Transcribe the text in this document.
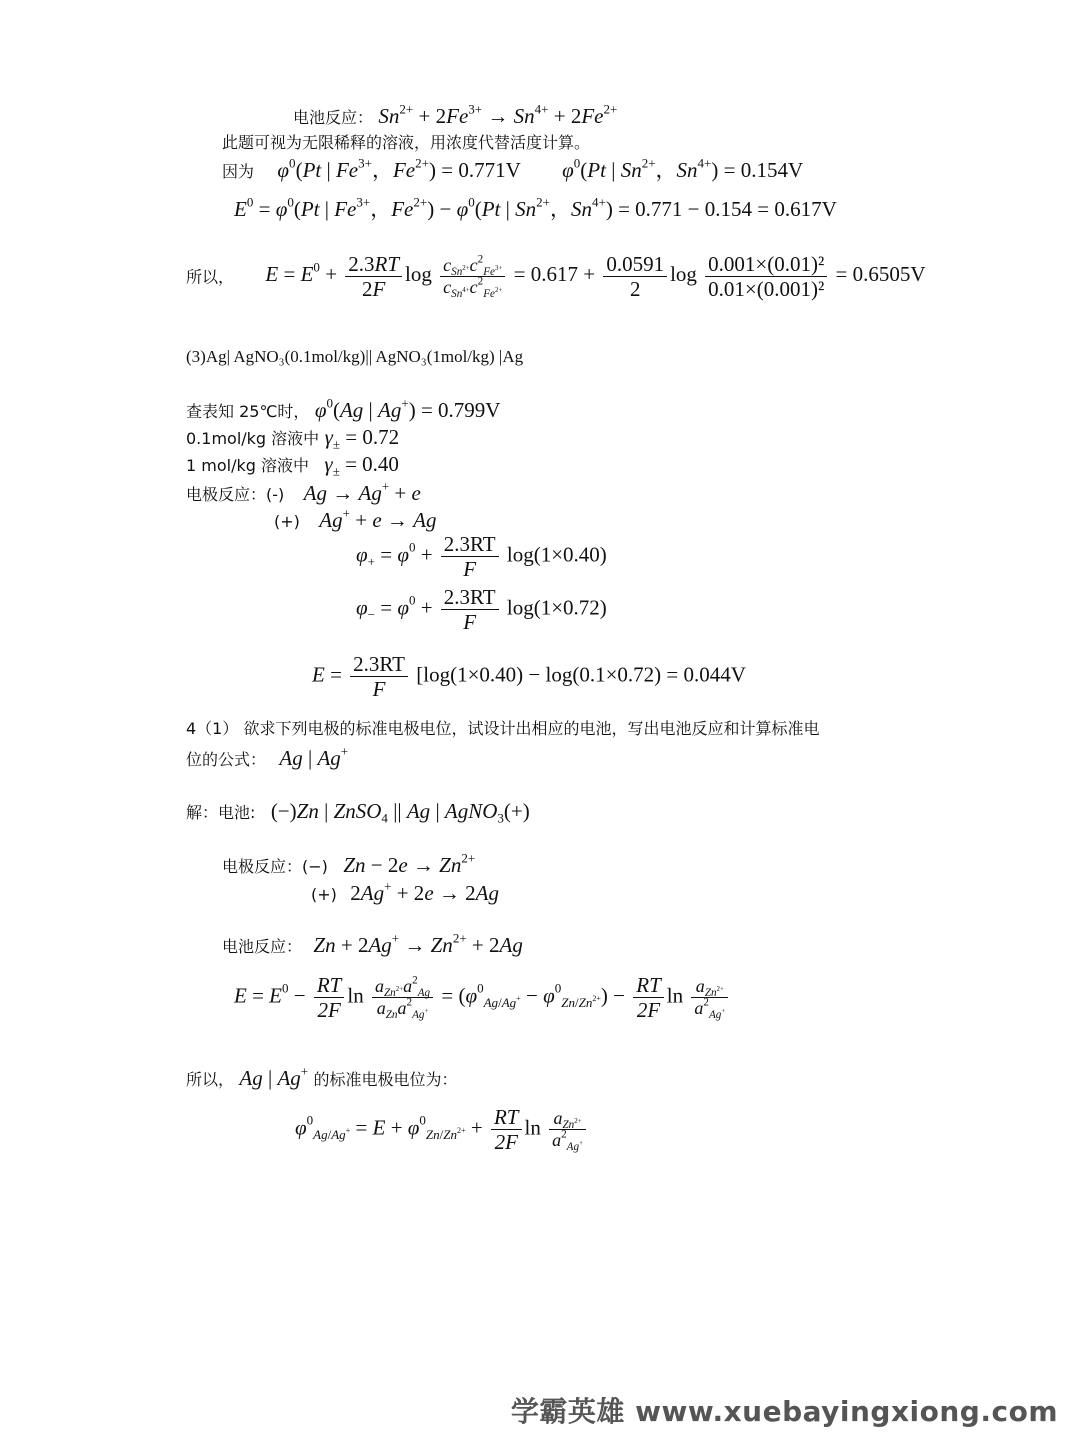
电池反应： $Sn^{2+} + 2Fe^{3+} \to Sn^{4+} + 2Fe^{2+}$
此题可视为无限稀释的溶液，用浓度代替活度计算。
因为 $\varphi^0(Pt$ | $Fe^{3+}$，$Fe^{2+}) = 0.771V$ $\varphi^0(Pt$ | $Sn^{2+}$，$Sn^{4+}) = 0.154V$
$E^0 = \varphi^0(Pt$ | $Fe^{3+}$，$Fe^{2+}) - \varphi^0(Pt$ | $Sn^{2+}$，$Sn^{4+}) = 0.771 - 0.154 = 0.617V$
所以， $E = E^0 + \frac{2.3RT}{2F}$ $\log \frac{c_{Sn^{2+}}c^2_{Fe^{3+}}}{c_{Sn^{4+}}c^2_{Fe^{2+}}} = 0.617 + \frac{0.0591}{2}$ $\log \frac{\text{0.001×(0.01)²}}{\text{0.01×(0.001)²}} = 0.6505V$
(3)Ag| AgNO₃(0.1mol/kg)|| AgNO₃(1mol/kg) |Ag
查表知 25℃时， $\varphi^0(Ag$ | Ag+) = 0.799V
0.1mol/kg 溶液中 $\gamma_\pm = 0.72$
1 mol/kg 溶液中 $\gamma_\pm = 0.40$
电极反应：(-) Ag → Ag+ + e
(+) Ag+ + e → Ag
$\varphi_+ = \varphi^0 + \frac{2.3RT}{F} \log(1\times 0.40)$
$\varphi_- = \varphi^0 + \frac{2.3RT}{F} \log(1\times 0.72)$
$E = \frac{2.3RT}{F} [\log(1\times 0.40) - \log(0.1\times 0.72) = 0.044V$
4（1） 欲求下列电极的标准电极电位，试设计出相应的电池，写出电池反应和计算标准电
位的公式： Ag | Ag+
解：电池: (−)Zn | ZnSO$_4$ || Ag | AgNO$_3$(+)
电极反应：(−) $Zn - 2e \to Zn^{2+}$
(+) 2Ag+ + 2e → 2Ag
电池反应： $Zn + 2Ag^+ \to Zn^{2+} + 2Ag$
$E = E^0 - \frac{RT}{2F}$ $\ln \frac{a_{Zn^{2+}}a^2_{Ag}}{a_{Zn}a^2_{Ag^+}} = (\varphi^0_{Ag/Ag^+} - \varphi^0_{Zn/Zn^{2+}}) - \frac{RT}{2F}$ $\ln \frac{a_{Zn^{2+}}}{a^2_{Ag^+}}$
所以， Ag | Ag+ 的标准电极电位为：
$\varphi^0_{Ag/Ag^+} = E + \varphi^0_{Zn/Zn^{2+}} + \frac{RT}{2F}$ $\ln \frac{a_{Zn^{2+}}}{a^2_{Ag^+}}$
学霸英雄 www.xuebayingxiong.com
